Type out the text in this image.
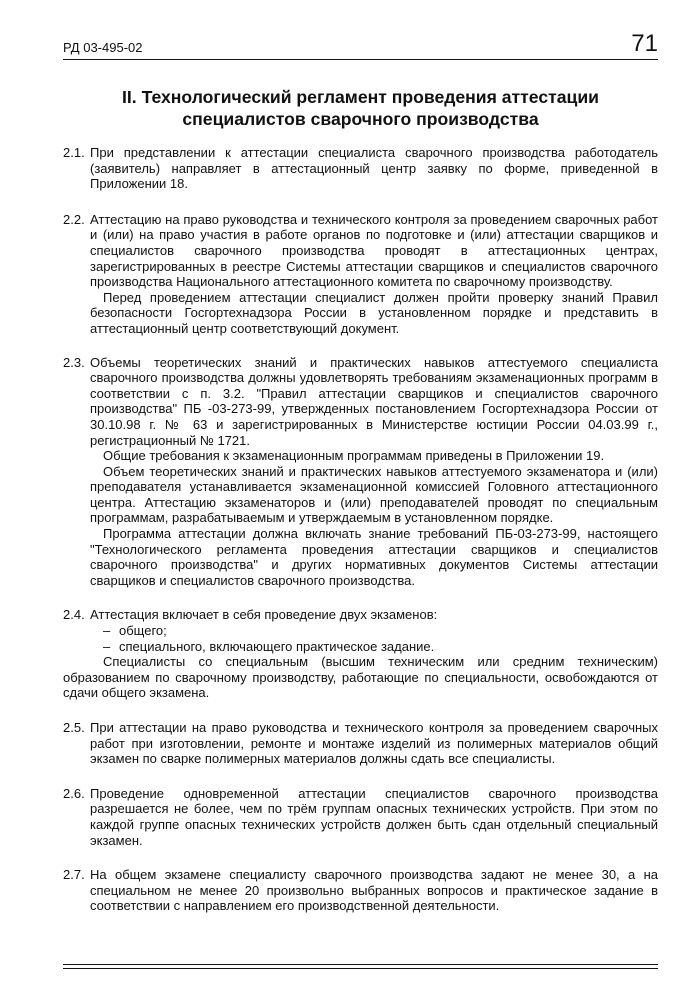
РД 03-495-02	71
II. Технологический регламент проведения аттестации
специалистов сварочного производства
2.1. При представлении к аттестации специалиста сварочного производства работодатель (заявитель) направляет в аттестационный центр заявку по форме, приведенной в Приложении 18.

2.2. Аттестацию на право руководства и технического контроля за проведением сварочных работ и (или) на право участия в работе органов по подготовке и (или) аттестации сварщиков и специалистов сварочного производства проводят в аттестационных центрах, зарегистрированных в реестре Системы аттестации сварщиков и специалистов сварочного производства Национального аттестационного комитета по сварочному производству.

Перед проведением аттестации специалист должен пройти проверку знаний Правил безопасности Госгортехнадзора России в установленном порядке и представить в аттестационный центр соответствующий документ.

2.3. Объемы теоретических знаний и практических навыков аттестуемого специалиста сварочного производства должны удовлетворять требованиям экзаменационных программ в соответствии с п. 3.2. "Правил аттестации сварщиков и специалистов сварочного производства" ПБ -03-273-99, утвержденных постановлением Госгортехнадзора России от 30.10.98 г. № 63 и зарегистрированных в Министерстве юстиции России 04.03.99 г., регистрационный № 1721.

Общие требования к экзаменационным программам приведены в Приложении 19.

Объем теоретических знаний и практических навыков аттестуемого экзаменатора и (или) преподавателя устанавливается экзаменационной комиссией Головного аттестационного центра. Аттестацию экзаменаторов и (или) преподавателей проводят по специальным программам, разрабатываемым и утверждаемым в установленном порядке.

Программа аттестации должна включать знание требований ПБ-03-273-99, настоящего "Технологического регламента проведения аттестации сварщиков и специалистов сварочного производства" и других нормативных документов Системы аттестации сварщиков и специалистов сварочного производства.

2.4. Аттестация включает в себя проведение двух экзаменов:

– общего;
– специального, включающего практическое задание.

Специалисты со специальным (высшим техническим или средним техническим) образованием по сварочному производству, работающие по специальности, освобождаются от сдачи общего экзамена.

2.5. При аттестации на право руководства и технического контроля за проведением сварочных работ при изготовлении, ремонте и монтаже изделий из полимерных материалов общий экзамен по сварке полимерных материалов должны сдать все специалисты.

2.6. Проведение одновременной аттестации специалистов сварочного производства разрешается не более, чем по трём группам опасных технических устройств. При этом по каждой группе опасных технических устройств должен быть сдан отдельный специальный экзамен.

2.7. На общем экзамене специалисту сварочного производства задают не менее 30, а на специальном не менее 20 произвольно выбранных вопросов и практическое задание в соответствии с направлением его производственной деятельности.
